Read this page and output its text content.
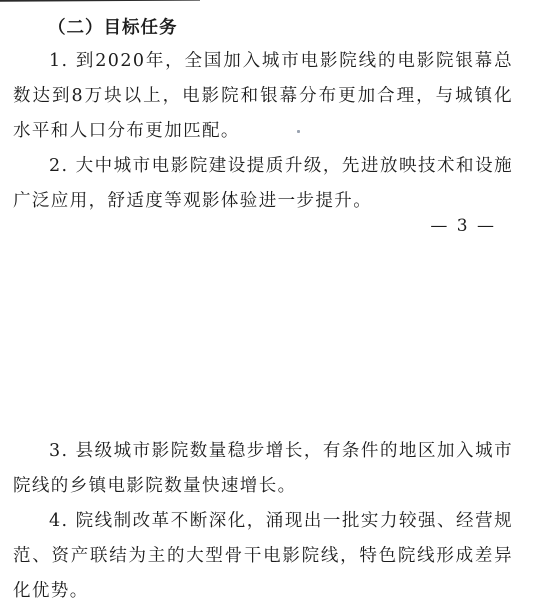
（二）目标任务

1. 到2020年，全国加入城市电影院线的电影院银幕总数达到8万块以上，电影院和银幕分布更加合理，与城镇化水平和人口分布更加匹配。

2. 大中城市电影院建设提质升级，先进放映技术和设施广泛应用，舒适度等观影体验进一步提升。

— 3 —

3. 县级城市影院数量稳步增长，有条件的地区加入城市院线的乡镇电影院数量快速增长。

4. 院线制改革不断深化，涌现出一批实力较强、经营规范、资产联结为主的大型骨干电影院线，特色院线形成差异化优势。
